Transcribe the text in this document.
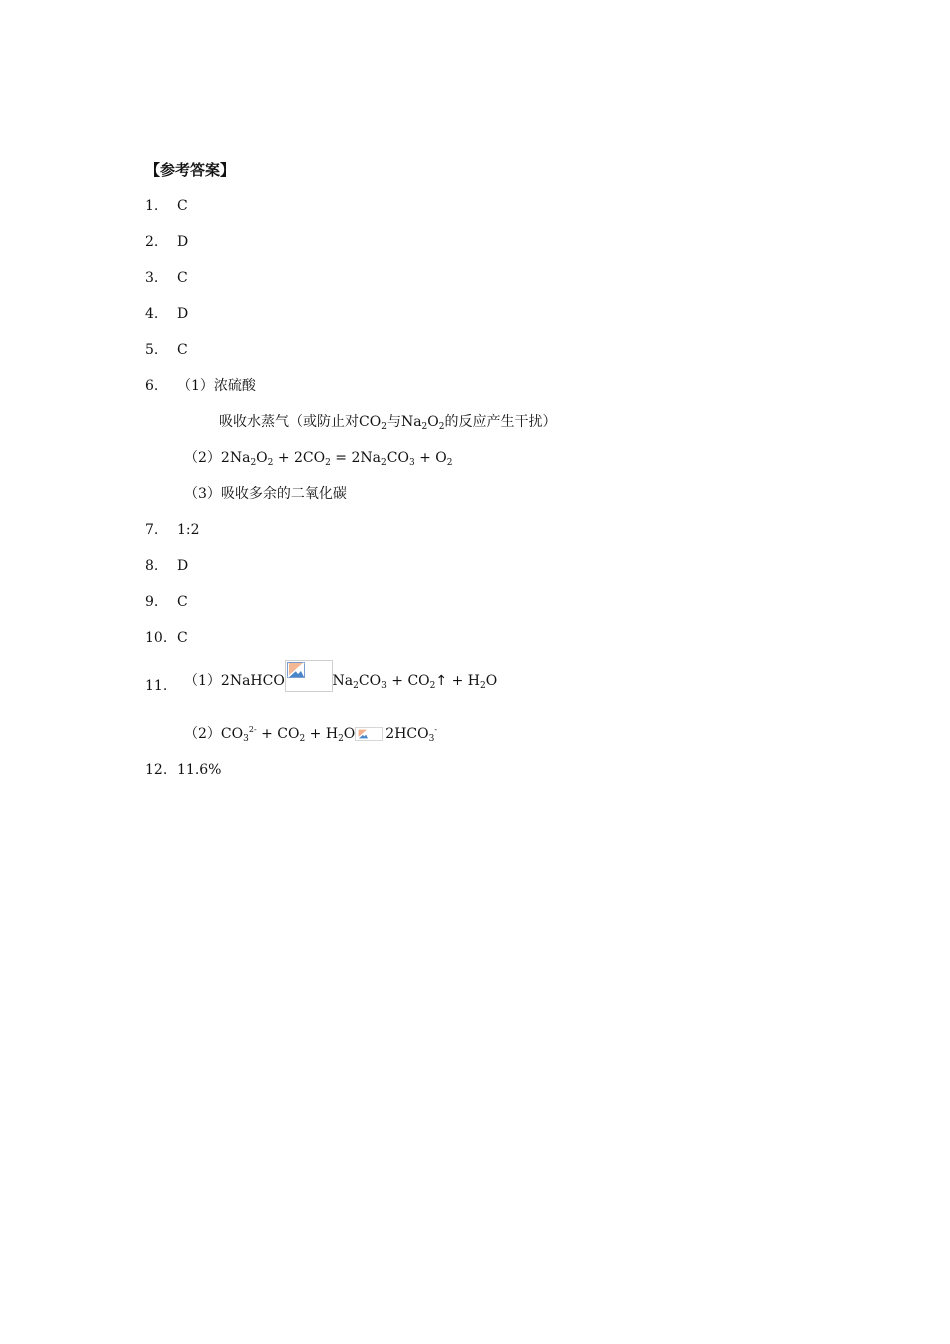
【参考答案】
1. C
2. D
3. C
4. D
5. C
6. （1）浓硫酸
吸收水蒸气（或防止对$CO_2$与$Na_2O_2$的反应产生干扰）
$(2)2Na_2O_2 + 2CO_2 = 2Na_2CO_3 + O_2$
（3）吸收多余的二氧化碳
7. 1:2
8. D
9. C
10. C
11. （1）2NaHCO	$Na_2CO_3$ + $CO_2↑ + H_2O$
$(2)CO_3^{2-} + CO_2 + H_2O$ $2HCO_3^-$
12. 11.6%
